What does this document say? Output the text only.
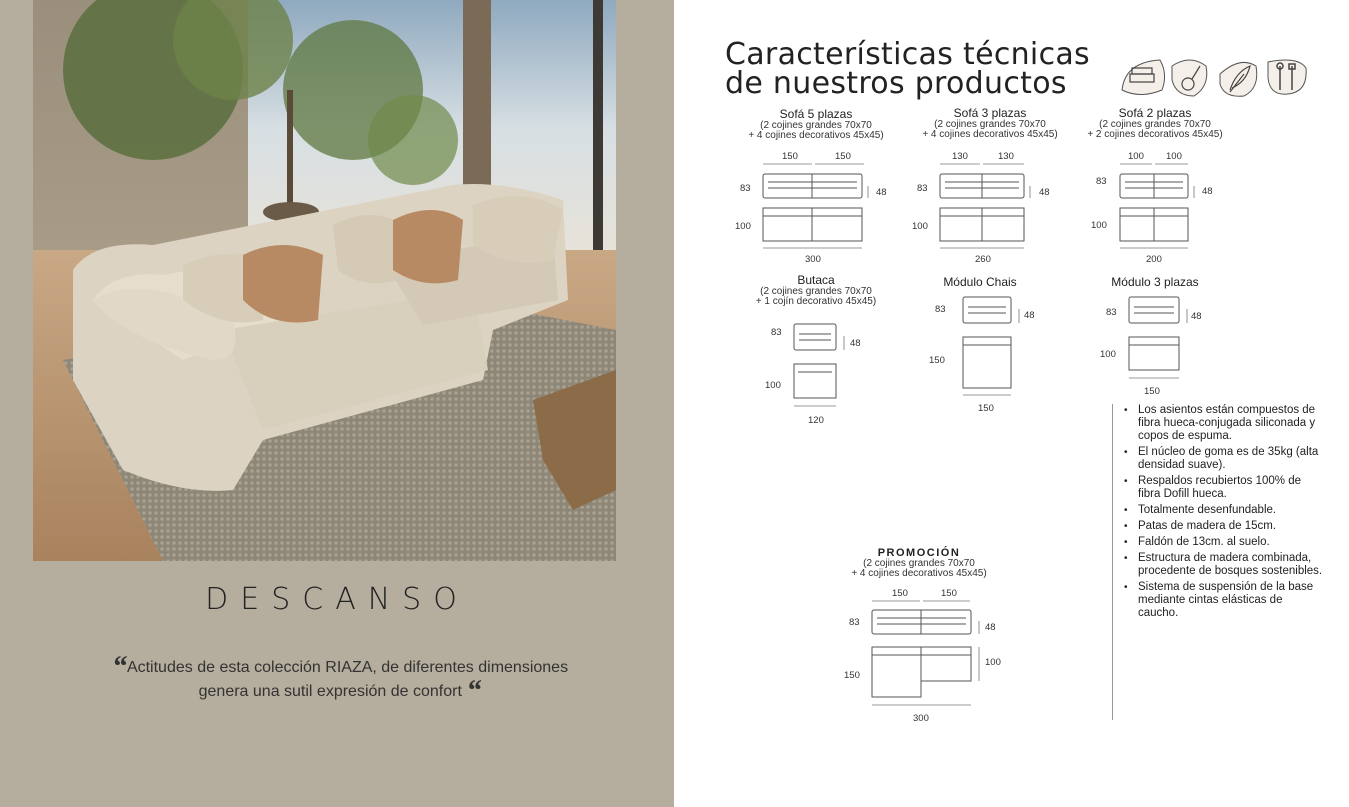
DESCANSO
“Actitudes de esta colección RIAZA, de diferentes dimensiones
genera una sutil expresión de confort “
Características técnicas
de nuestros productos
Sofá 5 plazas
(2 cojines grandes 70x70
+ 4 cojines decorativos 45x45)
150	150
83	48
100
300
Sofá 3 plazas
(2 cojines grandes 70x70
+ 4 cojines decorativos 45x45)
130	130
83	48
100
260
Sofá 2 plazas
(2 cojines grandes 70x70
+ 2 cojines decorativos 45x45)
100 100
83
48
100
200
Butaca
(2 cojines grandes 70x70
+ 1 cojín decorativo 45x45)
83
48
100
120
Módulo Chais
83
48
150
150
Módulo 3 plazas
83	48
100
150
• Los asientos están compuestos de fibra hueca-conjugada siliconada y copos de espuma.
• El núcleo de goma es de 35kg (alta densidad suave).
• Respaldos recubiertos 100% de fibra Dofill hueca.
• Totalmente desenfundable.
• Patas de madera de 15cm.
• Faldón de 13cm. al suelo.
• Estructura de madera combinada, procedente de bosques sostenibles.
• Sistema de suspensión de la base mediante cintas elásticas de caucho.
PROMOCIÓN
(2 cojines grandes 70x70
+ 4 cojines decorativos 45x45)
150	150
83	48
100
150
300
